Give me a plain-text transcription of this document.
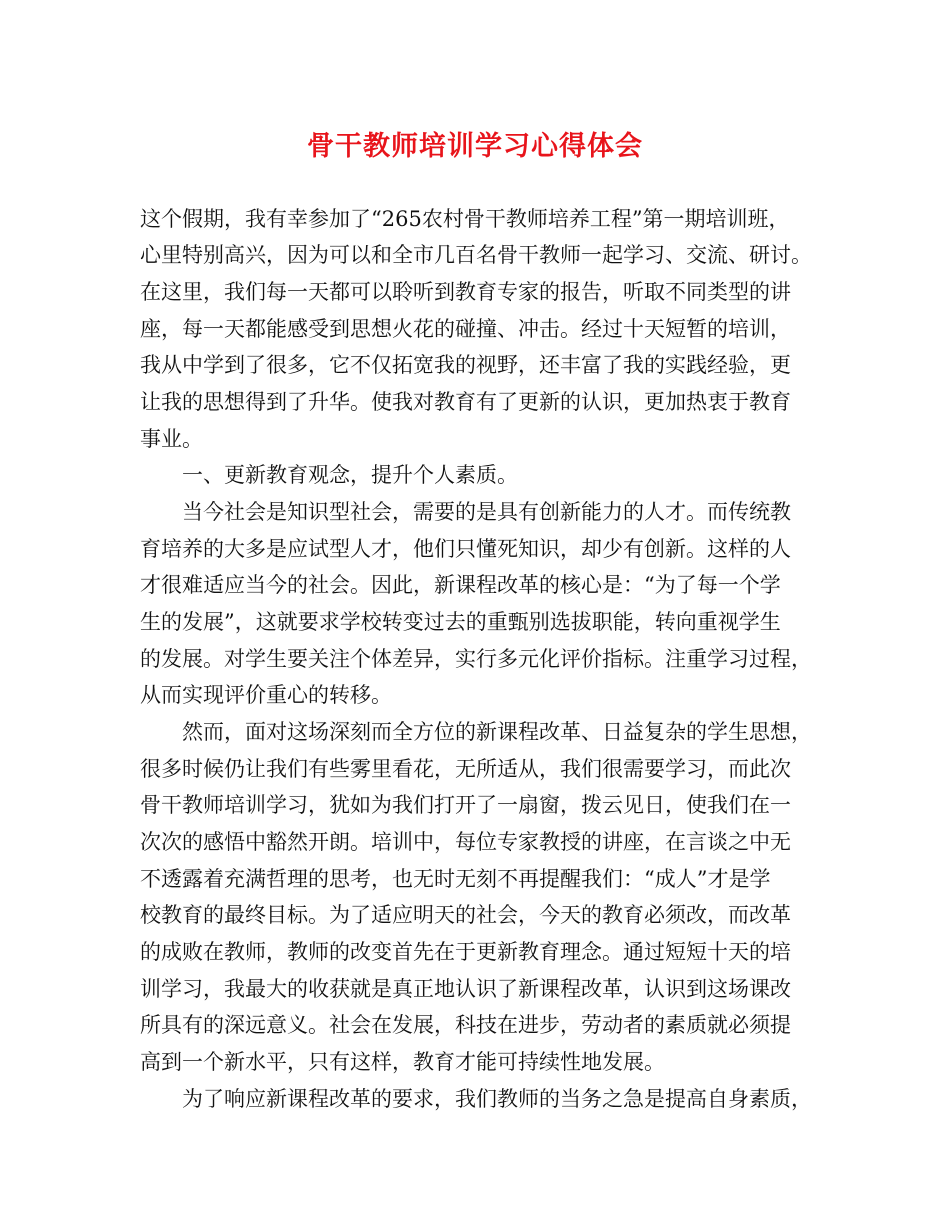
骨干教师培训学习心得体会
这个假期，我有幸参加了“265农村骨干教师培养工程”第一期培训班，
心里特别高兴，因为可以和全市几百名骨干教师一起学习、交流、研讨。
在这里，我们每一天都可以聆听到教育专家的报告，听取不同类型的讲
座，每一天都能感受到思想火花的碰撞、冲击。经过十天短暂的培训，
我从中学到了很多，它不仅拓宽我的视野，还丰富了我的实践经验，更
让我的思想得到了升华。使我对教育有了更新的认识，更加热衷于教育
事业。
一、更新教育观念，提升个人素质。
当今社会是知识型社会，需要的是具有创新能力的人才。而传统教
育培养的大多是应试型人才，他们只懂死知识，却少有创新。这样的人
才很难适应当今的社会。因此，新课程改革的核心是：“为了每一个学
生的发展”，这就要求学校转变过去的重甄别选拔职能，转向重视学生
的发展。对学生要关注个体差异，实行多元化评价指标。注重学习过程，
从而实现评价重心的转移。
然而，面对这场深刻而全方位的新课程改革、日益复杂的学生思想，
很多时候仍让我们有些雾里看花，无所适从，我们很需要学习，而此次
骨干教师培训学习，犹如为我们打开了一扇窗，拨云见日，使我们在一
次次的感悟中豁然开朗。培训中，每位专家教授的讲座，在言谈之中无
不透露着充满哲理的思考，也无时无刻不再提醒我们：“成人”才是学
校教育的最终目标。为了适应明天的社会，今天的教育必须改，而改革
的成败在教师，教师的改变首先在于更新教育理念。通过短短十天的培
训学习，我最大的收获就是真正地认识了新课程改革，认识到这场课改
所具有的深远意义。社会在发展，科技在进步，劳动者的素质就必须提
高到一个新水平，只有这样，教育才能可持续性地发展。
为了响应新课程改革的要求，我们教师的当务之急是提高自身素质，
